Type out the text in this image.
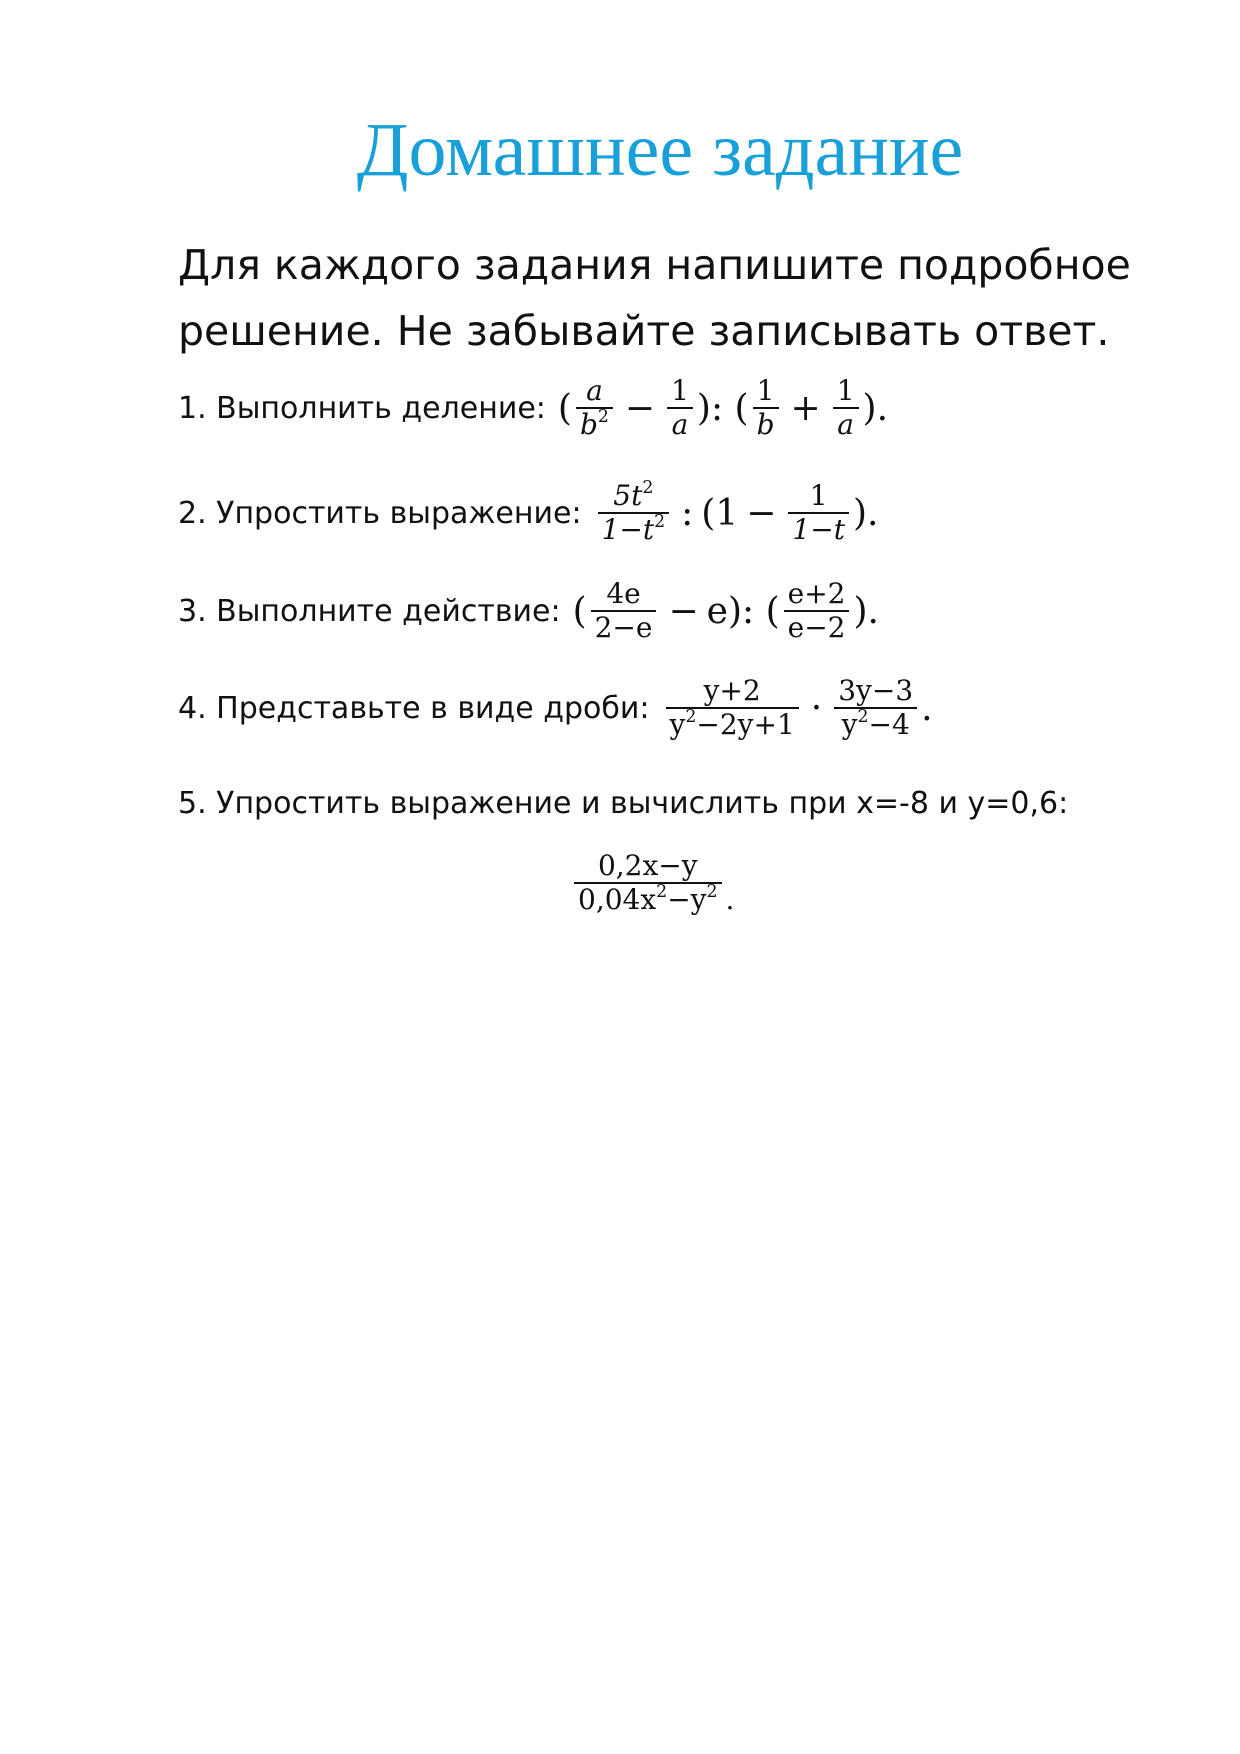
Домашнее задание
Для каждого задания напишите подробное решение. Не забывайте записывать ответ.
1. Выполнить деление: ( $\frac{a}{b^2} - \frac{1}{a}$ ): ( $\frac{1}{b} + \frac{1}{a}$ ).
2. Упростить выражение: $\frac{5t^2}{1-t^2}$ : ( $1 - \frac{1}{1-t}$ ).
3. Выполните действие: ( $\frac{4e}{2-e} - e$ ): ( $\frac{e+2}{e-2}$ ).
4. Представьте в виде дроби: $\frac{y+2}{y^2-2y+1} \cdot \frac{3y-3}{y^2-4}$ .
5. Упростить выражение и вычислить при x=-8 и y=0,6:
$\frac{0,2x-y}{0,04x^2-y^2}$ .
